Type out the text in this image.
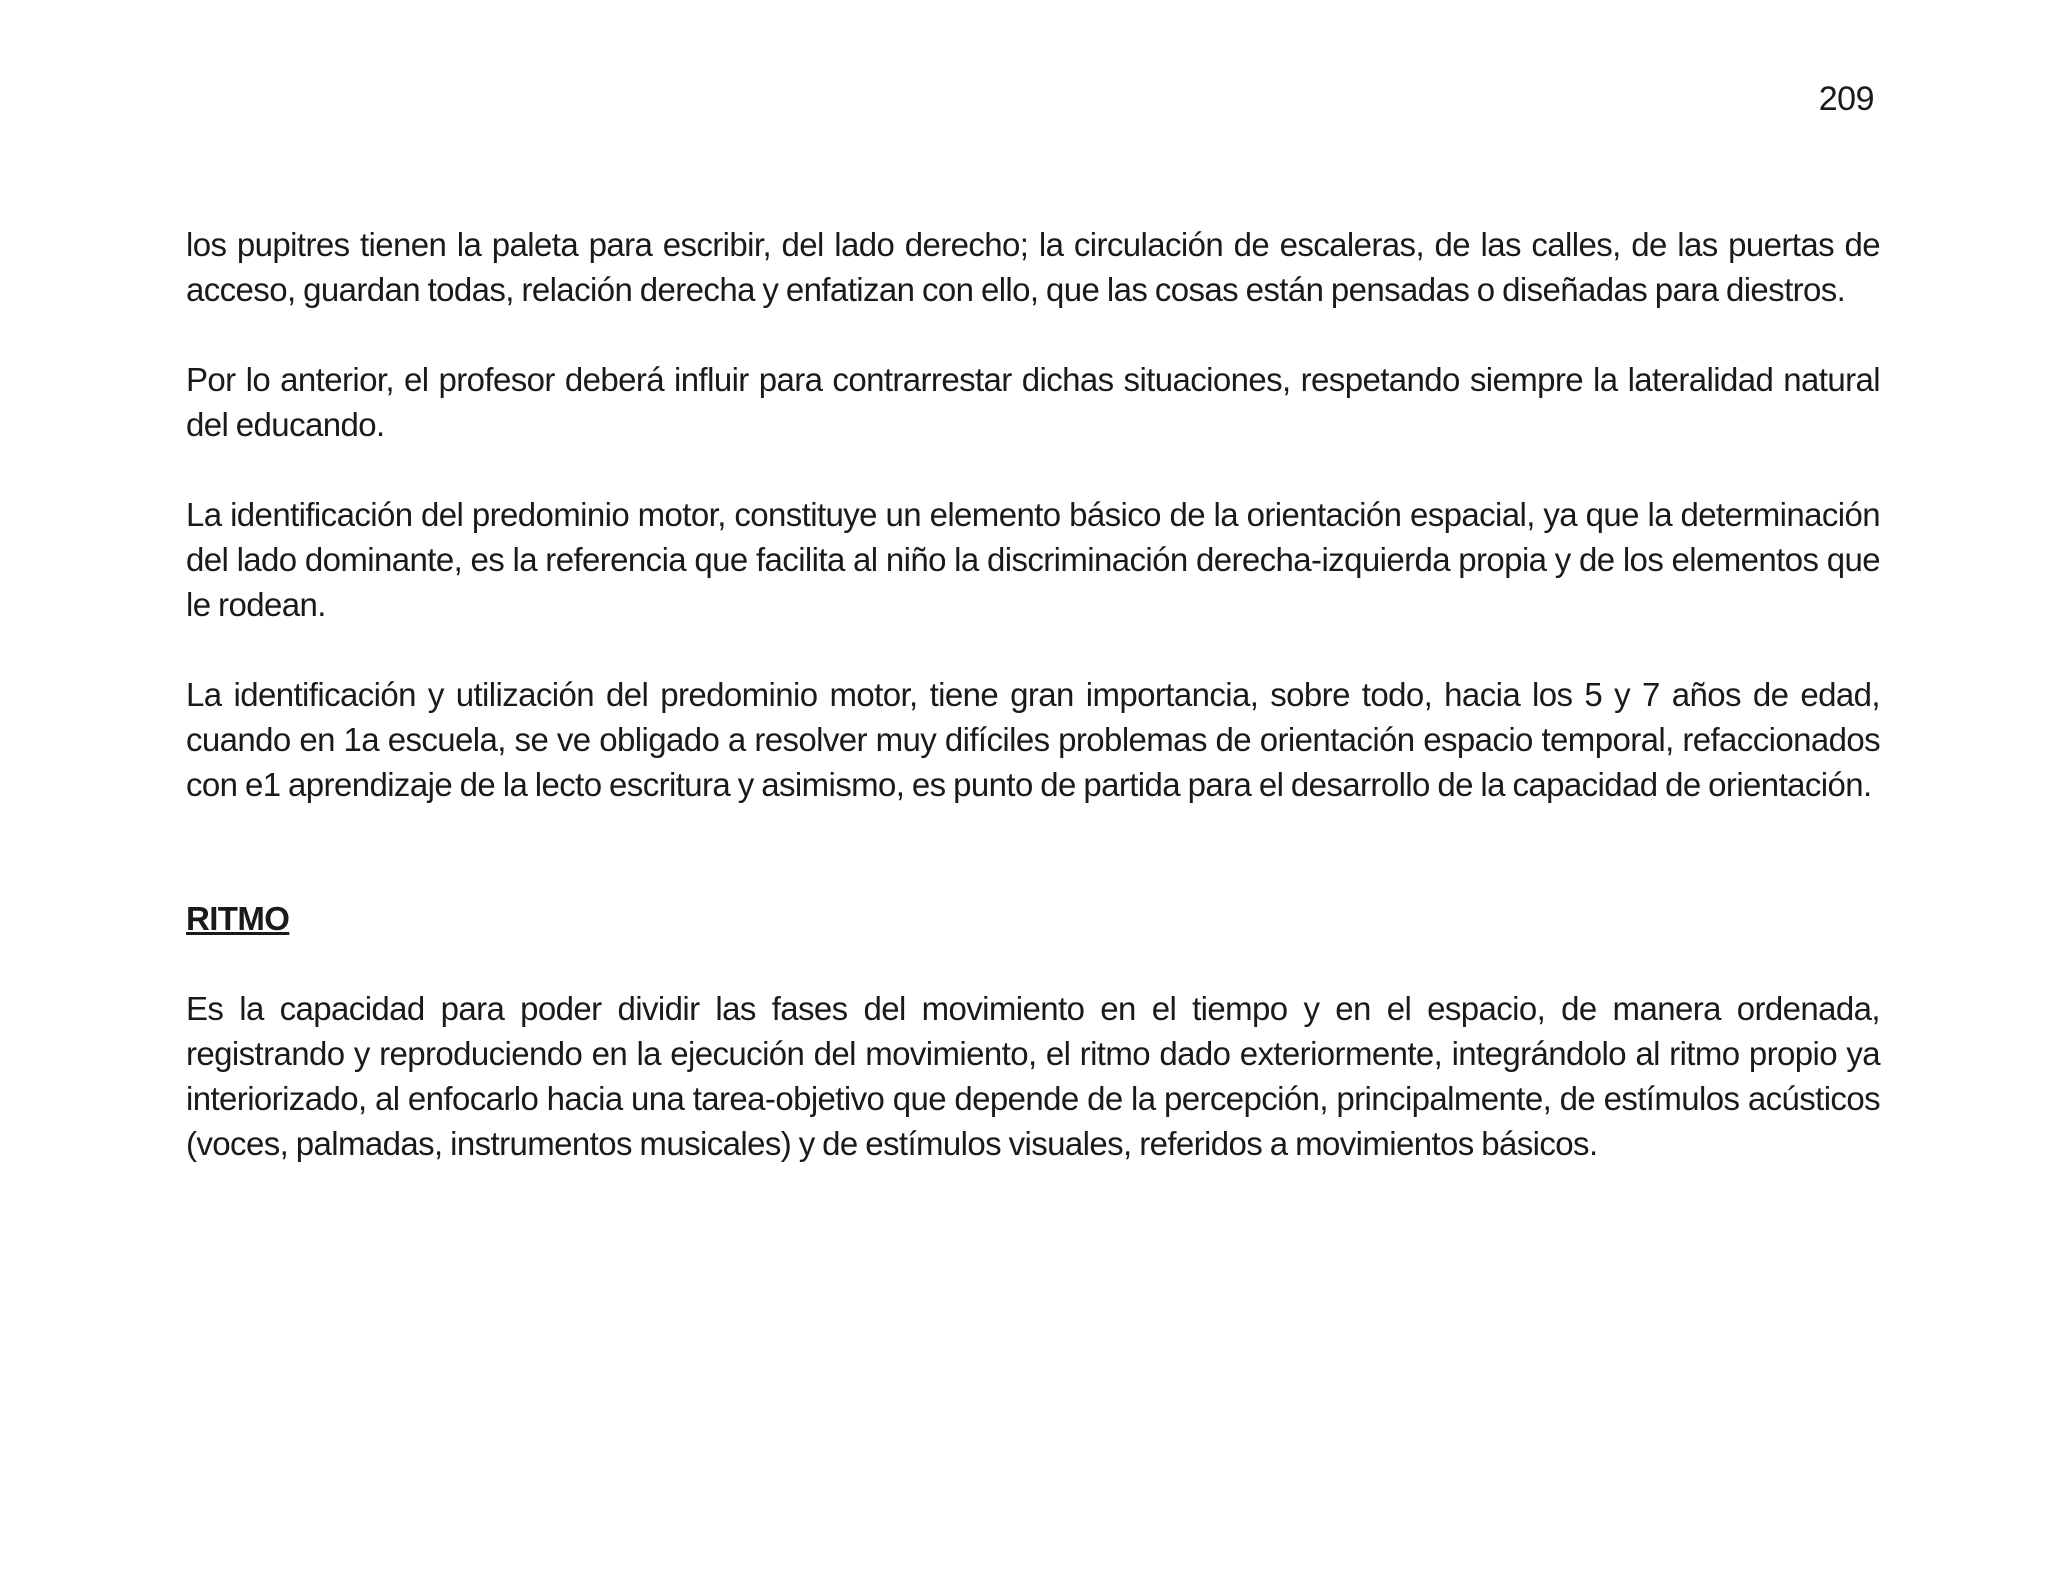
209

los pupitres tienen la paleta para escribir, del lado derecho; la circulación de escaleras, de las calles, de las puertas de acceso, guardan todas, relación derecha y enfatizan con ello, que las cosas están pensadas o diseñadas para diestros.

Por lo anterior, el profesor deberá influir para contrarrestar dichas situaciones, respetando siempre la lateralidad natural del educando.

La identificación del predominio motor, constituye un elemento básico de la orientación espacial, ya que la determinación del lado dominante, es la referencia que facilita al niño la discriminación derecha-izquierda propia y de los elementos que le rodean.

La identificación y utilización del predominio motor, tiene gran importancia, sobre todo, hacia los 5 y 7 años de edad, cuando en 1a escuela, se ve obligado a resolver muy difíciles problemas de orientación espacio temporal, refaccionados con e1 aprendizaje de la lecto escritura y asimismo, es punto de partida para el desarrollo de la capacidad de orientación.

RITMO

Es la capacidad para poder dividir las fases del movimiento en el tiempo y en el espacio, de manera ordenada, registrando y reproduciendo en la ejecución del movimiento, el ritmo dado exteriormente, integrándolo al ritmo propio ya interiorizado, al enfocarlo hacia una tarea-objetivo que depende de la percepción, principalmente, de estímulos acústicos (voces, palmadas, instrumentos musicales) y de estímulos visuales, referidos a movimientos básicos.
